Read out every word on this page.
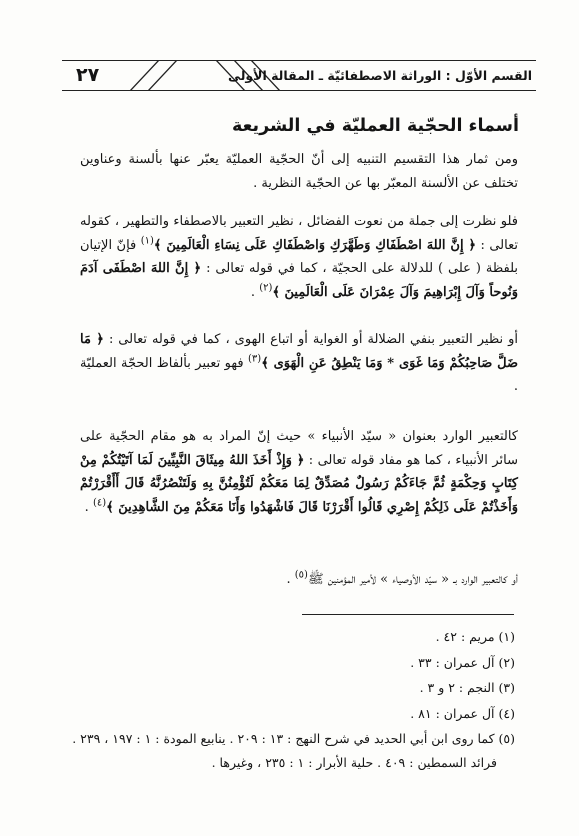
٢٧	القسم الأوّل : الوراثة الاصطفائيّة ـ المقالة الأولى
أسماء الحجّية العمليّة في الشريعة
ومن ثمار هذا التقسيم التنبيه إلى أنّ الحجّية العمليّة يعبّر عنها بألسنة وعناوين تختلف عن الألسنة المعبّر بها عن الحجّية النظرية .
فلو نظرت إلى جملة من نعوت الفضائل ، نظير التعبير بالاصطفاء والتطهير ، كقوله تعالى : ﴿ إِنَّ اللهَ اصْطَفَاكِ وَطَهَّرَكِ وَاصْطَفَاكِ عَلَى نِسَاءِ الْعَالَمِينَ ﴾$^{(١)}$ فإنّ الإتيان بلفظة ( على ) للدلالة على الحجيّة ، كما في قوله تعالى : ﴿ إِنَّ اللهَ اصْطَفَى آدَمَ وَنُوحاً وَآلَ إِبْرَاهِيمَ وَآلَ عِمْرَانَ عَلَى الْعَالَمِينَ ﴾$^{(٢)}$ .
أو نظير التعبير بنفي الضلالة أو الغواية أو اتباع الهوى ، كما في قوله تعالى : ﴿ مَا ضَلَّ صَاحِبُكُمْ وَمَا غَوَى * وَمَا يَنْطِقُ عَنِ الْهَوَى ﴾$^{(٣)}$ فهو تعبير بألفاظ الحجّة العمليّة .
كالتعبير الوارد بعنوان « سيّد الأنبياء » حيث إنّ المراد به هو مقام الحجّية على سائر الأنبياء ، كما هو مفاد قوله تعالى : ﴿ وَإِذْ أَخَذَ اللهُ مِيثَاقَ النَّبِيِّينَ لَمَا آتَيْتُكُمْ مِنْ كِتَابٍ وَحِكْمَةٍ ثُمَّ جَاءَكُمْ رَسُولٌ مُصَدِّقٌ لِمَا مَعَكُمْ لَتُؤْمِنُنَّ بِهِ وَلَتَنْصُرُنَّهُ قَالَ أَأَقْرَرْتُمْ وَأَخَذْتُمْ عَلَى ذَلِكُمْ إِصْرِي قَالُوا أَقْرَرْنَا قَالَ فَاشْهَدُوا وَأَنَا مَعَكُمْ مِنَ الشَّاهِدِينَ ﴾$^{(٤)}$ .
أو كالتعبير الوارد بـ « سيّد الأوصياء » لأمير المؤمنين ﷺ$^{(٥)}$ .
(١) مريم : ٤٢ .
(٢) آل عمران : ٣٣ .
(٣) النجم : ٢ و ٣ .
(٤) آل عمران : ٨١ .
(٥) كما روى ابن أبي الحديد في شرح النهج : ١٣ : ٢٠٩ . ينابيع المودة : ١ : ١٩٧ ، ٢٣٩ .
فرائد السمطين : ٤٠٩ . حلية الأبرار : ١ : ٢٣٥ ، وغيرها .
